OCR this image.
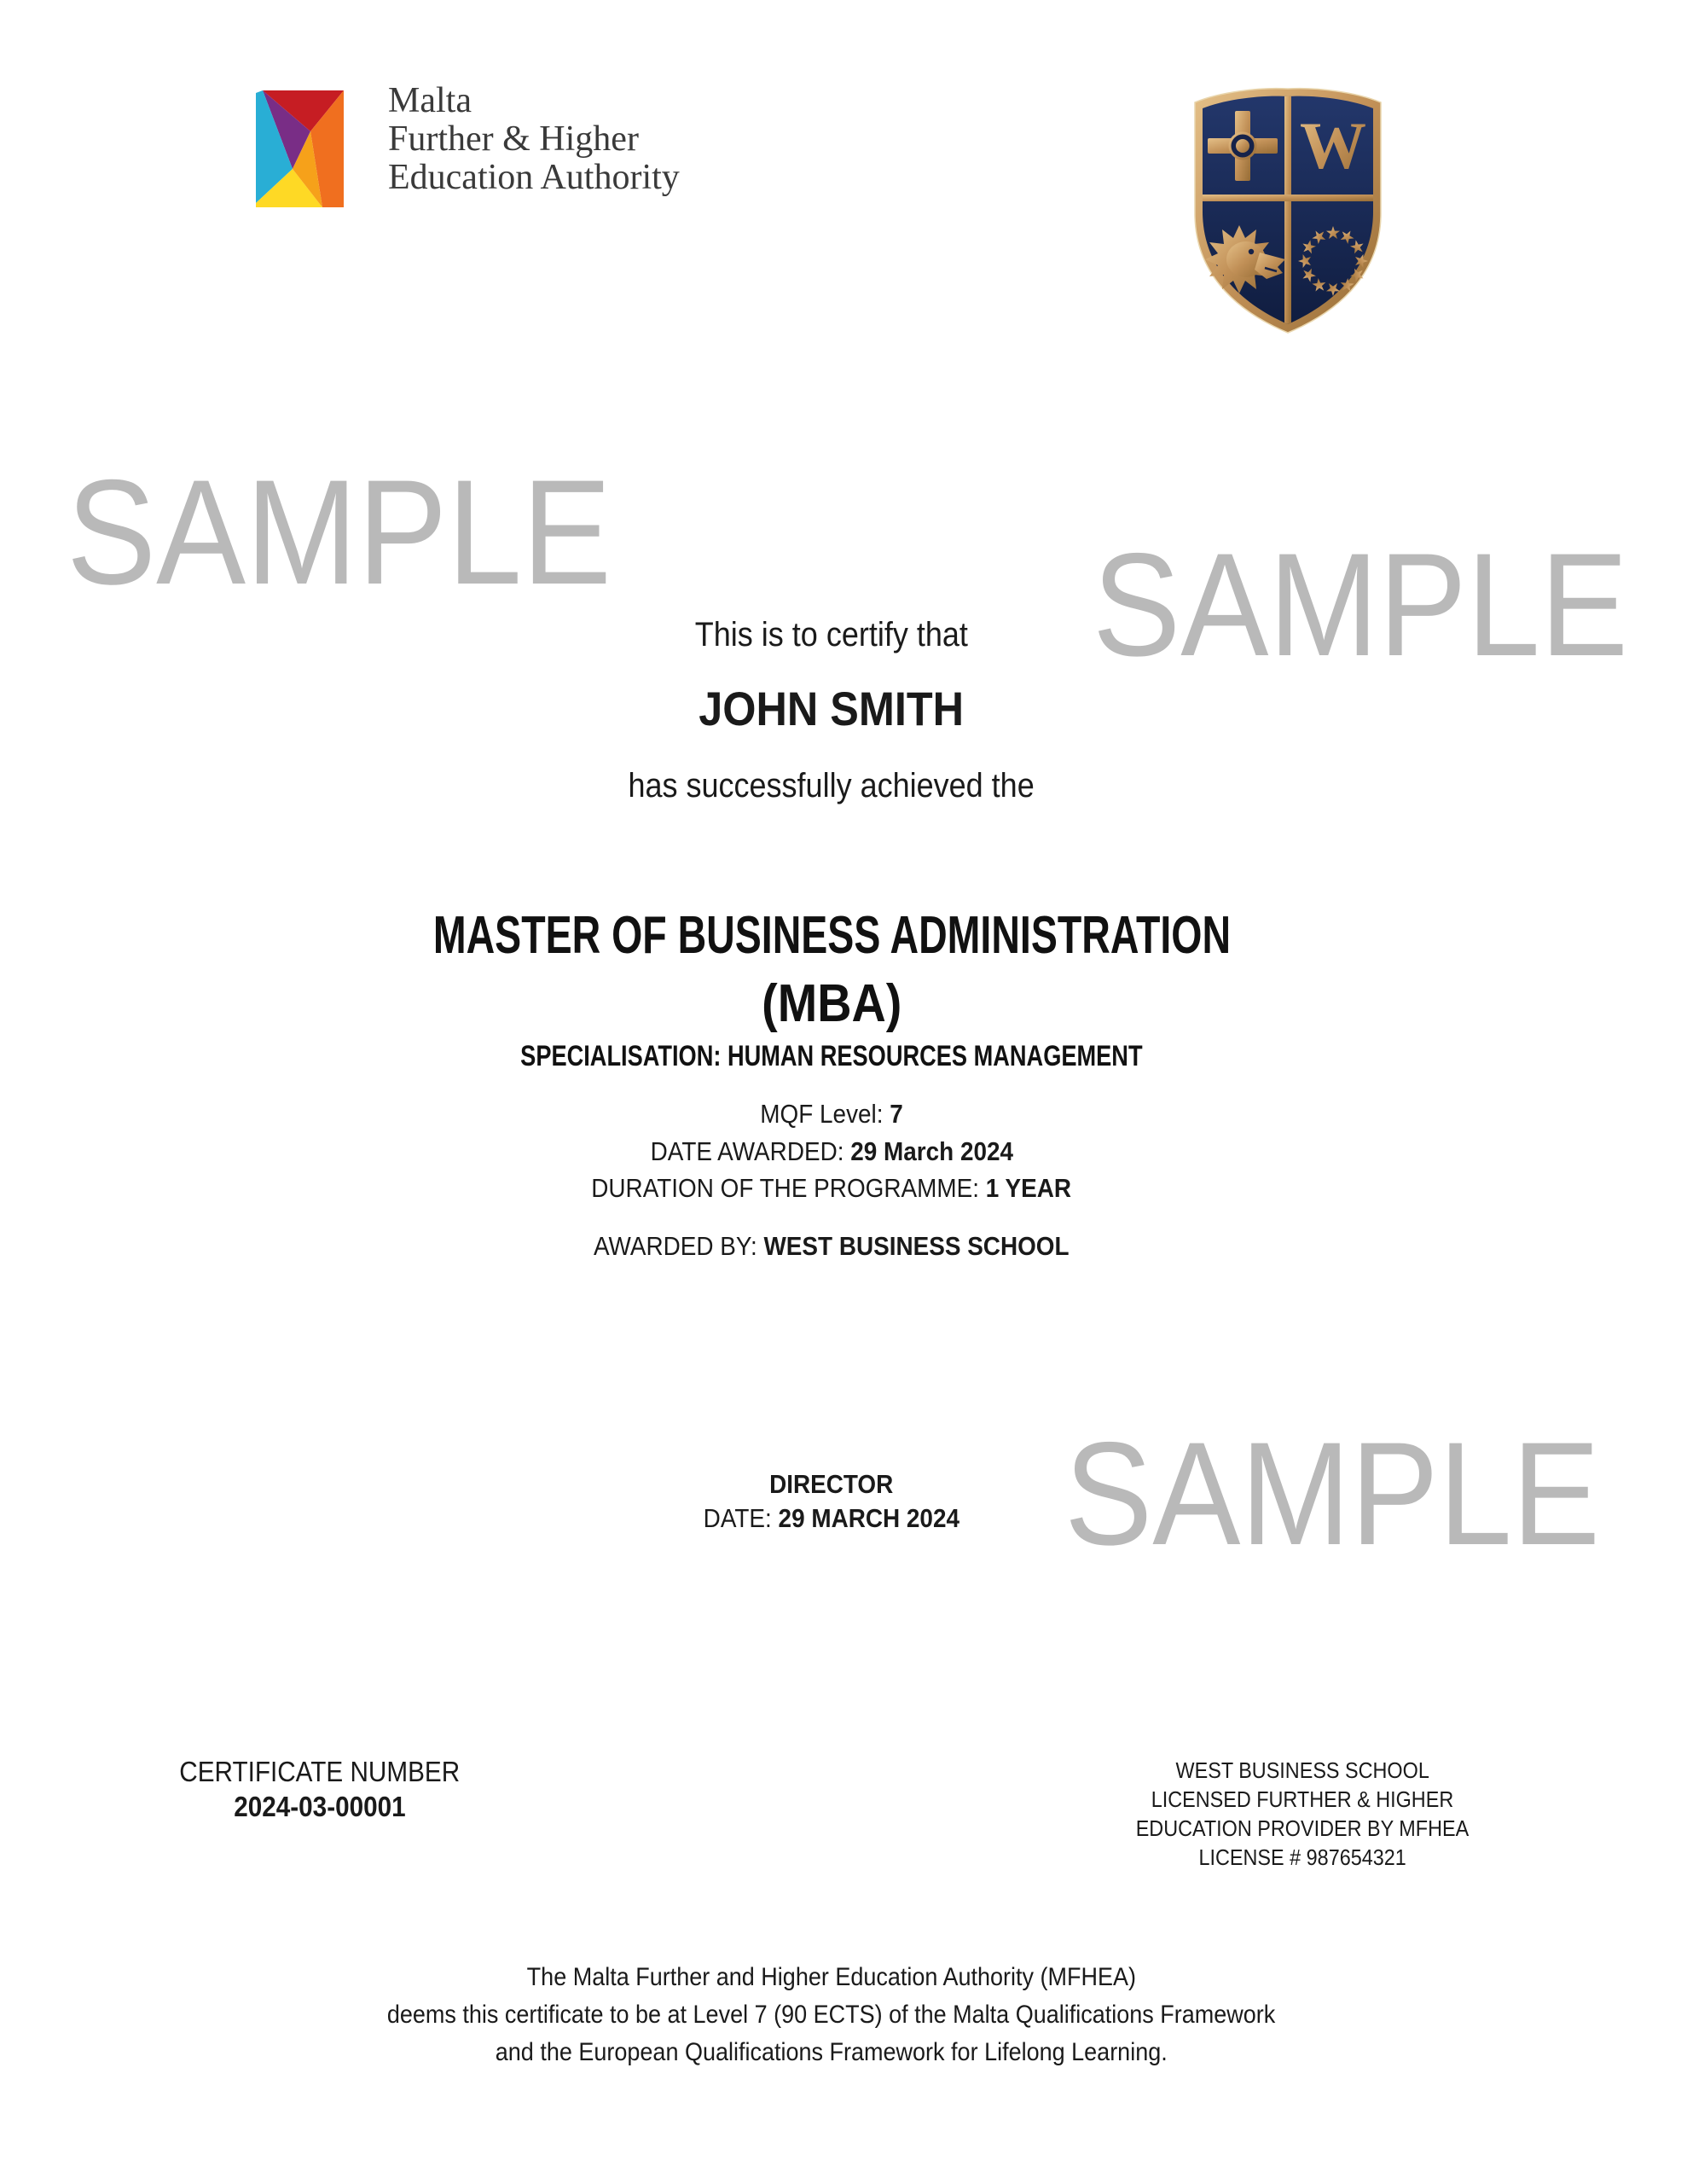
Malta
Further & Higher
Education Authority	W
SAMPLE	SAMPLE
SAMPLE
This is to certify that
JOHN SMITH
has successfully achieved the
MASTER OF BUSINESS ADMINISTRATION
(MBA)
SPECIALISATION: HUMAN RESOURCES MANAGEMENT
MQF Level: 7
DATE AWARDED: 29 March 2024
DURATION OF THE PROGRAMME: 1 YEAR
AWARDED BY: WEST BUSINESS SCHOOL
DIRECTOR
DATE: 29 MARCH 2024
CERTIFICATE NUMBER
2024-03-00001
WEST BUSINESS SCHOOL
LICENSED FURTHER & HIGHER
EDUCATION PROVIDER BY MFHEA
LICENSE # 987654321
The Malta Further and Higher Education Authority (MFHEA)
deems this certificate to be at Level 7 (90 ECTS) of the Malta Qualifications Framework
and the European Qualifications Framework for Lifelong Learning.
